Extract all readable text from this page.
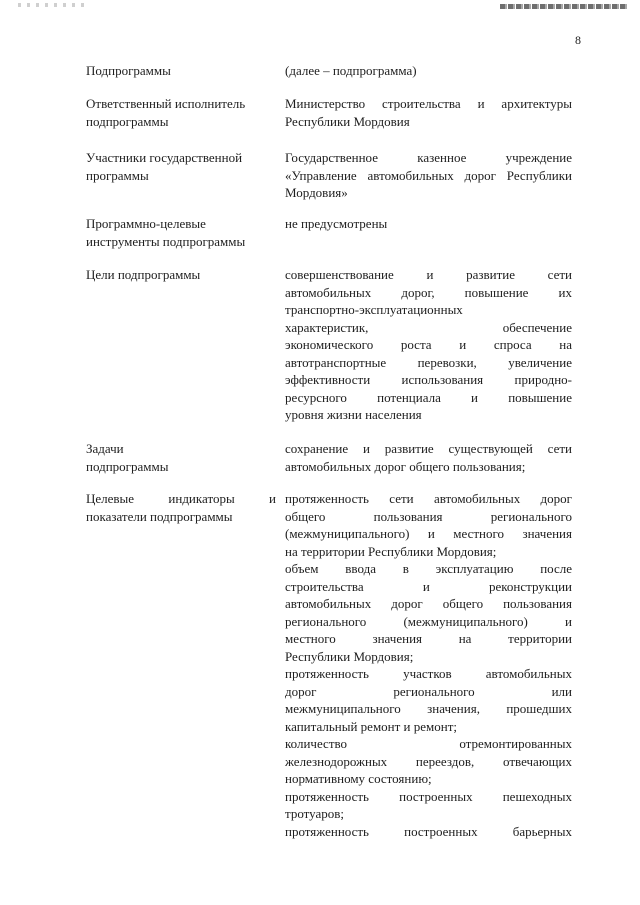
8
Подпрограммы	(далее – подпрограмма)
Ответственный исполнитель подпрограммы
Министерство строительства и архитектуры Республики Мордовия
Участники государственной программы
Государственное казенное учреждение «Управление автомобильных дорог Республики Мордовия»
Программно-целевые инструменты подпрограммы
не предусмотрены
Цели подпрограммы	совершенствование и развитие сети
автомобильных дорог, повышение их
транспортно-эксплуатационных
характеристик, обеспечение
экономического роста и спроса на
автотранспортные перевозки, увеличение
эффективности использования природно-
ресурсного потенциала и повышение
уровня жизни населения
Задачи
подпрограммы
сохранение и развитие существующей сети
автомобильных дорог общего пользования;
Целевые индикаторы и
показатели подпрограммы
протяженность сети автомобильных дорог
общего пользования регионального
(межмуниципального) и местного значения
на территории Республики Мордовия;
объем ввода в эксплуатацию после
строительства и реконструкции
автомобильных дорог общего пользования
регионального (межмуниципального) и
местного значения на территории
Республики Мордовия;
протяженность участков автомобильных
дорог регионального или
межмуниципального значения, прошедших
капитальный ремонт и ремонт;
количество отремонтированных
железнодорожных переездов, отвечающих
нормативному состоянию;
протяженность построенных пешеходных
тротуаров;
протяженность построенных барьерных
